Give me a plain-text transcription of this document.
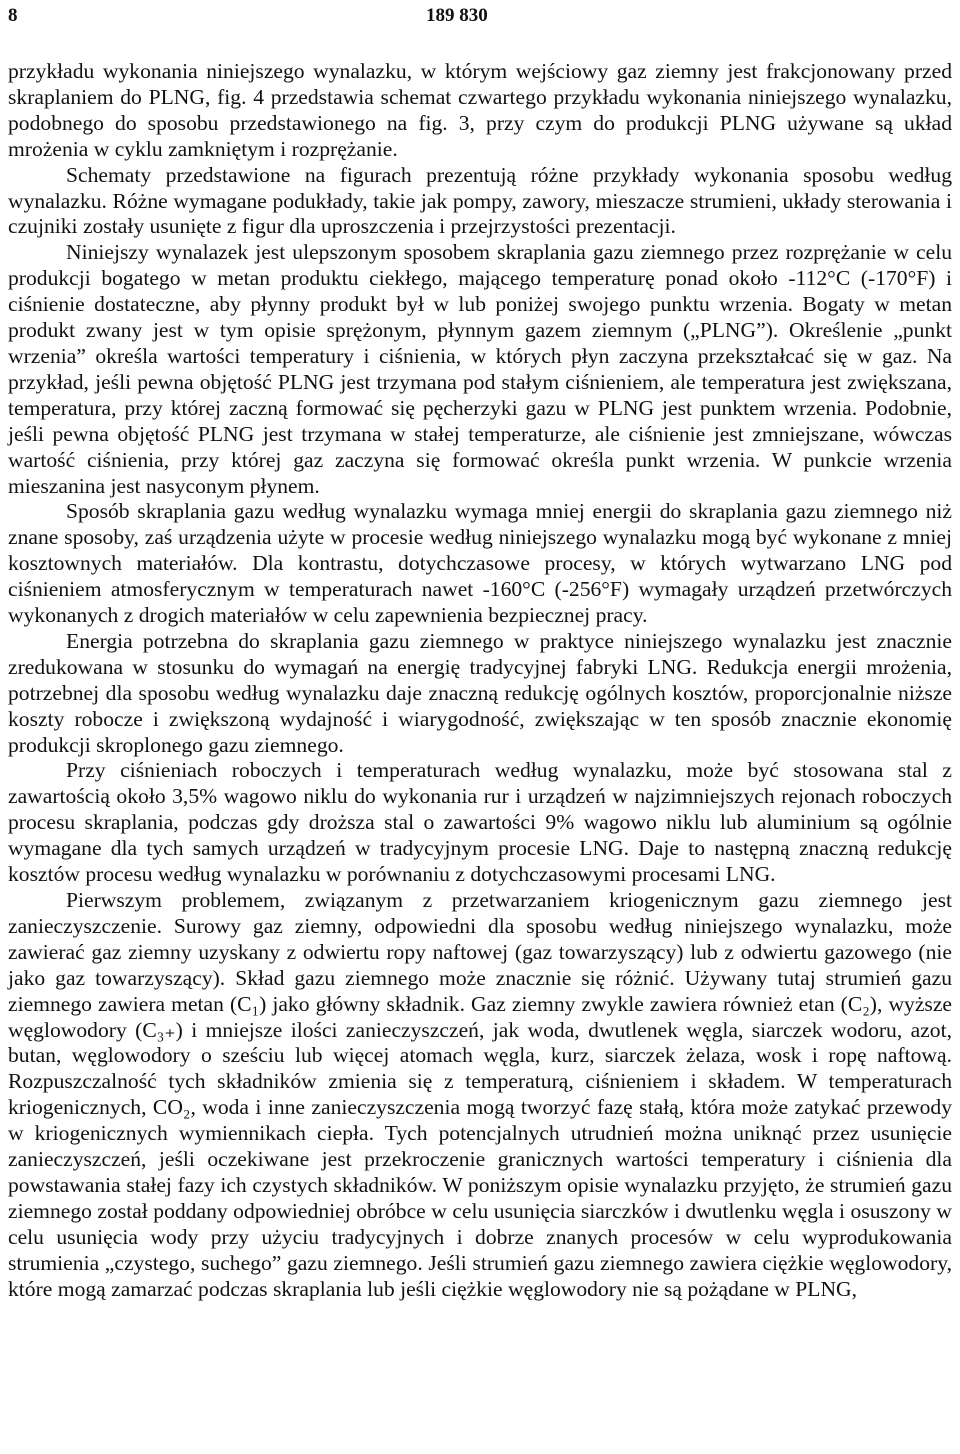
8	189 830

przykładu wykonania niniejszego wynalazku, w którym wejściowy gaz ziemny jest frakcjonowany przed skraplaniem do PLNG, fig. 4 przedstawia schemat czwartego przykładu wykonania niniejszego wynalazku, podobnego do sposobu przedstawionego na fig. 3, przy czym do produkcji PLNG używane są układ mrożenia w cyklu zamkniętym i rozprężanie.

Schematy przedstawione na figurach prezentują różne przykłady wykonania sposobu według wynalazku. Różne wymagane podukłady, takie jak pompy, zawory, mieszacze strumieni, układy sterowania i czujniki zostały usunięte z figur dla uproszczenia i przejrzystości prezentacji.

Niniejszy wynalazek jest ulepszonym sposobem skraplania gazu ziemnego przez rozprężanie w celu produkcji bogatego w metan produktu ciekłego, mającego temperaturę ponad około -112°C (-170°F) i ciśnienie dostateczne, aby płynny produkt był w lub poniżej swojego punktu wrzenia. Bogaty w metan produkt zwany jest w tym opisie sprężonym, płynnym gazem ziemnym („PLNG”). Określenie „punkt wrzenia” określa wartości temperatury i ciśnienia, w których płyn zaczyna przekształcać się w gaz. Na przykład, jeśli pewna objętość PLNG jest trzymana pod stałym ciśnieniem, ale temperatura jest zwiększana, temperatura, przy której zaczną formować się pęcherzyki gazu w PLNG jest punktem wrzenia. Podobnie, jeśli pewna objętość PLNG jest trzymana w stałej temperaturze, ale ciśnienie jest zmniejszane, wówczas wartość ciśnienia, przy której gaz zaczyna się formować określa punkt wrzenia. W punkcie wrzenia mieszanina jest nasyconym płynem.

Sposób skraplania gazu według wynalazku wymaga mniej energii do skraplania gazu ziemnego niż znane sposoby, zaś urządzenia użyte w procesie według niniejszego wynalazku mogą być wykonane z mniej kosztownych materiałów. Dla kontrastu, dotychczasowe procesy, w których wytwarzano LNG pod ciśnieniem atmosferycznym w temperaturach nawet -160°C (-256°F) wymagały urządzeń przetwórczych wykonanych z drogich materiałów w celu zapewnienia bezpiecznej pracy.

Energia potrzebna do skraplania gazu ziemnego w praktyce niniejszego wynalazku jest znacznie zredukowana w stosunku do wymagań na energię tradycyjnej fabryki LNG. Redukcja energii mrożenia, potrzebnej dla sposobu według wynalazku daje znaczną redukcję ogólnych kosztów, proporcjonalnie niższe koszty robocze i zwiększoną wydajność i wiarygodność, zwiększając w ten sposób znacznie ekonomię produkcji skroplonego gazu ziemnego.

Przy ciśnieniach roboczych i temperaturach według wynalazku, może być stosowana stal z zawartością około 3,5% wagowo niklu do wykonania rur i urządzeń w najzimniejszych rejonach roboczych procesu skraplania, podczas gdy droższa stal o zawartości 9% wagowo niklu lub aluminium są ogólnie wymagane dla tych samych urządzeń w tradycyjnym procesie LNG. Daje to następną znaczną redukcję kosztów procesu według wynalazku w porównaniu z dotychczasowymi procesami LNG.

Pierwszym problemem, związanym z przetwarzaniem kriogenicznym gazu ziemnego jest zanieczyszczenie. Surowy gaz ziemny, odpowiedni dla sposobu według niniejszego wynalazku, może zawierać gaz ziemny uzyskany z odwiertu ropy naftowej (gaz towarzyszący) lub z odwiertu gazowego (nie jako gaz towarzyszący). Skład gazu ziemnego może znacznie się różnić. Używany tutaj strumień gazu ziemnego zawiera metan (C₁) jako główny składnik. Gaz ziemny zwykle zawiera również etan (C₂), wyższe węglowodory (C₃₊) i mniejsze ilości zanieczyszczeń, jak woda, dwutlenek węgla, siarczek wodoru, azot, butan, węglowodory o sześciu lub więcej atomach węgla, kurz, siarczek żelaza, wosk i ropę naftową. Rozpuszczalność tych składników zmienia się z temperaturą, ciśnieniem i składem. W temperaturach kriogenicznych, CO₂, woda i inne zanieczyszczenia mogą tworzyć fazę stałą, która może zatykać przewody w kriogenicznych wymiennikach ciepła. Tych potencjalnych utrudnień można uniknąć przez usunięcie zanieczyszczeń, jeśli oczekiwane jest przekroczenie granicznych wartości temperatury i ciśnienia dla powstawania stałej fazy ich czystych składników. W poniższym opisie wynalazku przyjęto, że strumień gazu ziemnego został poddany odpowiedniej obróbce w celu usunięcia siarczków i dwutlenku węgla i osuszony w celu usunięcia wody przy użyciu tradycyjnych i dobrze znanych procesów w celu wyprodukowania strumienia „czystego, suchego” gazu ziemnego. Jeśli strumień gazu ziemnego zawiera ciężkie węglowodory, które mogą zamarzać podczas skraplania lub jeśli ciężkie węglowodory nie są pożądane w PLNG,
